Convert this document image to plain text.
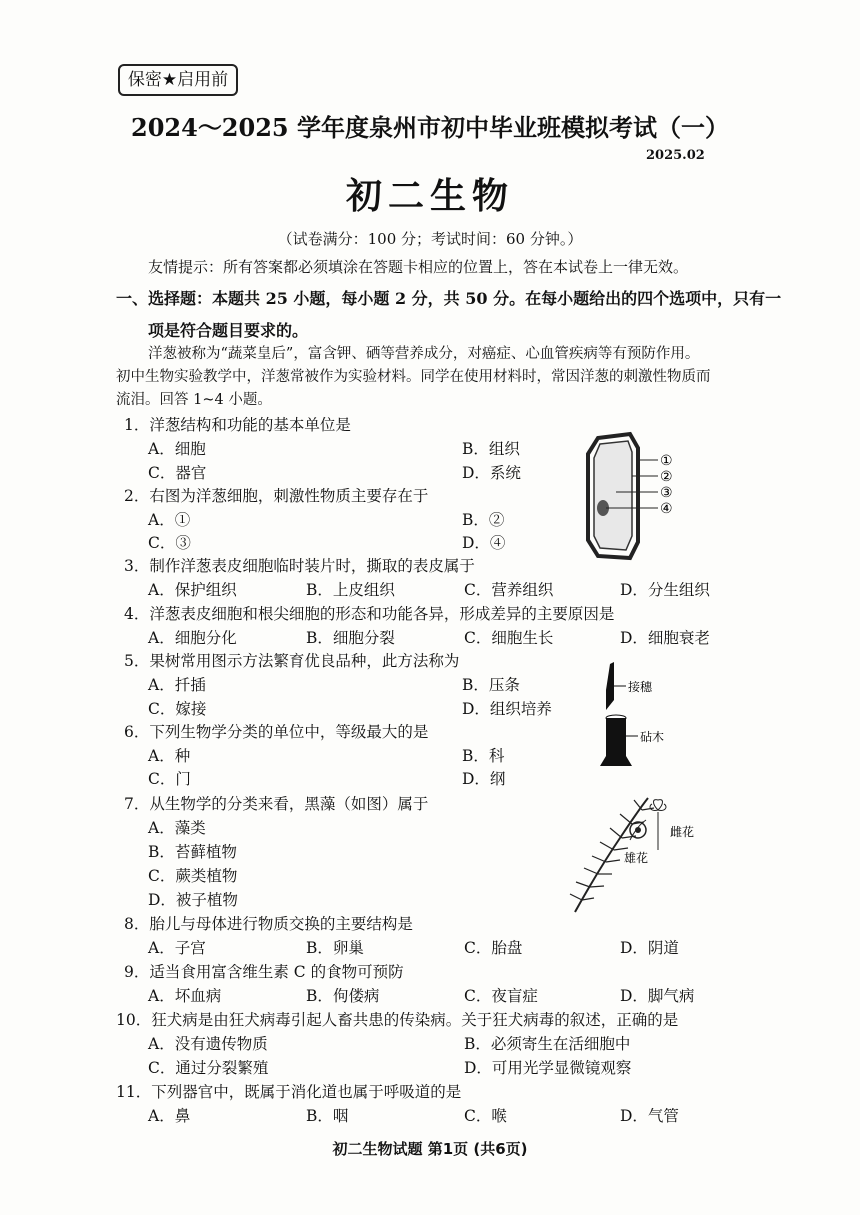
保密★启用前
2024～2025 学年度泉州市初中毕业班模拟考试（一）
2025.02
初二生物
（试卷满分：100 分；考试时间：60 分钟。）
友情提示：所有答案都必须填涂在答题卡相应的位置上，答在本试卷上一律无效。
一、选择题：本题共 25 小题，每小题 2 分，共 50 分。在每小题给出的四个选项中，只有一
项是符合题目要求的。

洋葱被称为“蔬菜皇后”，富含钾、硒等营养成分，对癌症、心血管疾病等有预防作用。

初中生物实验教学中，洋葱常被作为实验材料。同学在使用材料时，常因洋葱的刺激性物质而

流泪。回答 1~4 小题。

1．洋葱结构和功能的基本单位是
A．细胞	B．组织
C．器官	D．系统
2．右图为洋葱细胞，刺激性物质主要存在于
A．①	B．②
C．③	D．④
3．制作洋葱表皮细胞临时装片时，撕取的表皮属于
A．保护组织	B．上皮组织	C．营养组织	D．分生组织
4．洋葱表皮细胞和根尖细胞的形态和功能各异，形成差异的主要原因是
A．细胞分化	B．细胞分裂	C．细胞生长	D．细胞衰老
5．果树常用图示方法繁育优良品种，此方法称为
A．扦插	B．压条
C．嫁接	D．组织培养
6．下列生物学分类的单位中，等级最大的是
A．种	B．科
C．门	D．纲
7．从生物学的分类来看，黑藻（如图）属于
A．藻类
B．苔藓植物
C．蕨类植物
D．被子植物
8．胎儿与母体进行物质交换的主要结构是
A．子宫	B．卵巢	C．胎盘	D．阴道
9．适当食用富含维生素 C 的食物可预防
A．坏血病	B．佝偻病	C．夜盲症	D．脚气病
10．狂犬病是由狂犬病毒引起人畜共患的传染病。关于狂犬病毒的叙述，正确的是
A．没有遗传物质	B．必须寄生在活细胞中
C．通过分裂繁殖	D．可用光学显微镜观察
11．下列器官中，既属于消化道也属于呼吸道的是
A．鼻	B．咽	C．喉	D．气管
①
②
③
④
接穗
砧木
雌花
雄花
初二生物试题 第1页 (共6页)
